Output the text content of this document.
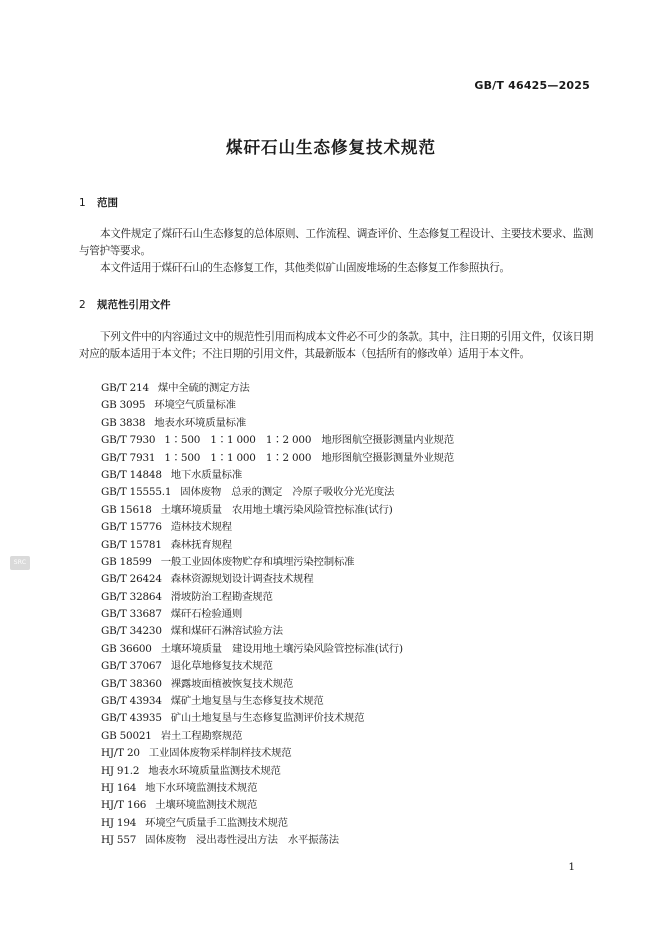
GB/T 46425—2025
煤矸石山生态修复技术规范
1 范围

本文件规定了煤矸石山生态修复的总体原则、工作流程、调查评价、生态修复工程设计、主要技术要求、监测与管护等要求。

本文件适用于煤矸石山的生态修复工作，其他类似矿山固废堆场的生态修复工作参照执行。

2 规范性引用文件

下列文件中的内容通过文中的规范性引用而构成本文件必不可少的条款。其中，注日期的引用文件，仅该日期对应的版本适用于本文件；不注日期的引用文件，其最新版本（包括所有的修改单）适用于本文件。

GB/T 214 煤中全硫的测定方法
GB 3095 环境空气质量标准
GB 3838 地表水环境质量标准
GB/T 7930 1∶500　1∶1 000　1∶2 000　地形图航空摄影测量内业规范
GB/T 7931 1∶500　1∶1 000　1∶2 000　地形图航空摄影测量外业规范
GB/T 14848 地下水质量标准
GB/T 15555.1 固体废物　总汞的测定　冷原子吸收分光光度法
GB 15618 土壤环境质量　农用地土壤污染风险管控标准(试行)
GB/T 15776 造林技术规程
GB/T 15781 森林抚育规程
GB 18599 一般工业固体废物贮存和填埋污染控制标准
GB/T 26424 森林资源规划设计调查技术规程
GB/T 32864 滑坡防治工程勘查规范
GB/T 33687 煤矸石检验通则
GB/T 34230 煤和煤矸石淋溶试验方法
GB 36600 土壤环境质量　建设用地土壤污染风险管控标准(试行)
GB/T 37067 退化草地修复技术规范
GB/T 38360 裸露坡面植被恢复技术规范
GB/T 43934 煤矿土地复垦与生态修复技术规范
GB/T 43935 矿山土地复垦与生态修复监测评价技术规范
GB 50021 岩土工程勘察规范
HJ/T 20 工业固体废物采样制样技术规范
HJ 91.2 地表水环境质量监测技术规范
HJ 164 地下水环境监测技术规范
HJ/T 166 土壤环境监测技术规范
HJ 194 环境空气质量手工监测技术规范
HJ 557 固体废物　浸出毒性浸出方法　水平振荡法
SRC
1
